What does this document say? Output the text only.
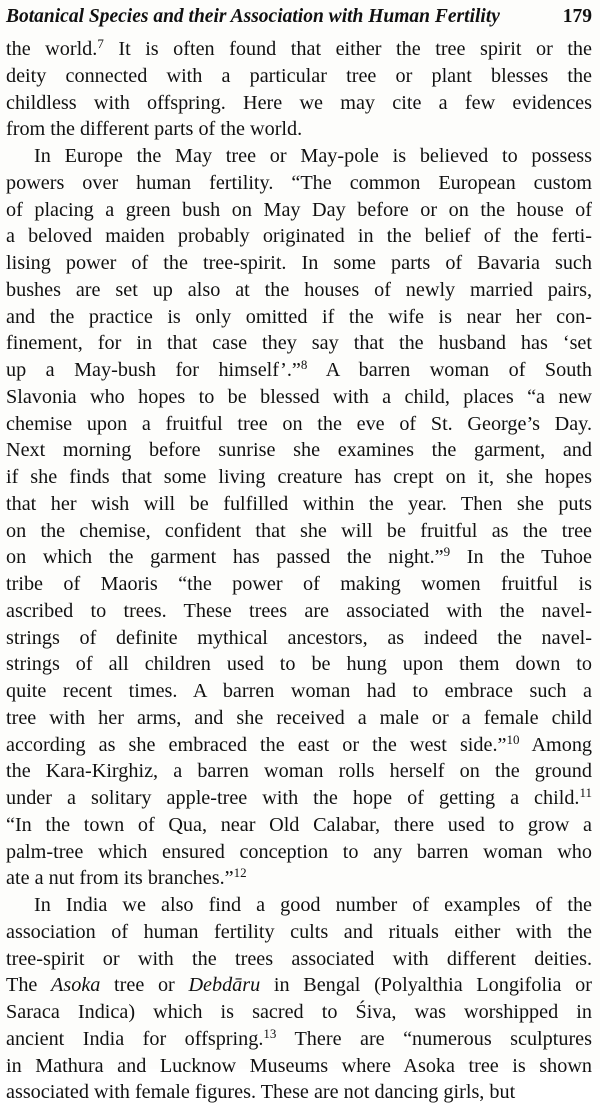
Botanical Species and their Association with Human Fertility	179
the world.$^7$ It is often found that either the tree spirit or the
deity connected with a particular tree or plant blesses the
childless with offspring. Here we may cite a few evidences
from the different parts of the world.
In Europe the May tree or May-pole is believed to possess
powers over human fertility. “The common European custom
of placing a green bush on May Day before or on the house of
a beloved maiden probably originated in the belief of the ferti-
lising power of the tree-spirit. In some parts of Bavaria such
bushes are set up also at the houses of newly married pairs,
and the practice is only omitted if the wife is near her con-
finement, for in that case they say that the husband has ‘set
up a May-bush for himself’.”$^8$ A barren woman of South
Slavonia who hopes to be blessed with a child, places “a new
chemise upon a fruitful tree on the eve of St. George’s Day.
Next morning before sunrise she examines the garment, and
if she finds that some living creature has crept on it, she hopes
that her wish will be fulfilled within the year. Then she puts
on the chemise, confident that she will be fruitful as the tree
on which the garment has passed the night.”$^9$ In the Tuhoe
tribe of Maoris “the power of making women fruitful is
ascribed to trees. These trees are associated with the navel-
strings of definite mythical ancestors, as indeed the navel-
strings of all children used to be hung upon them down to
quite recent times. A barren woman had to embrace such a
tree with her arms, and she received a male or a female child
according as she embraced the east or the west side.”$^{10}$ Among
the Kara-Kirghiz, a barren woman rolls herself on the ground
under a solitary apple-tree with the hope of getting a child.$^{11}$
“In the town of Qua, near Old Calabar, there used to grow a
palm-tree which ensured conception to any barren woman who
ate a nut from its branches.”$^{12}$
In India we also find a good number of examples of the
association of human fertility cults and rituals either with the
tree-spirit or with the trees associated with different deities.
The Asoka tree or Debdāru in Bengal (Polyalthia Longifolia or
Saraca Indica) which is sacred to Śiva, was worshipped in
ancient India for offspring.$^{13}$ There are “numerous sculptures
in Mathura and Lucknow Museums where Asoka tree is shown
associated with female figures. These are not dancing girls, but
